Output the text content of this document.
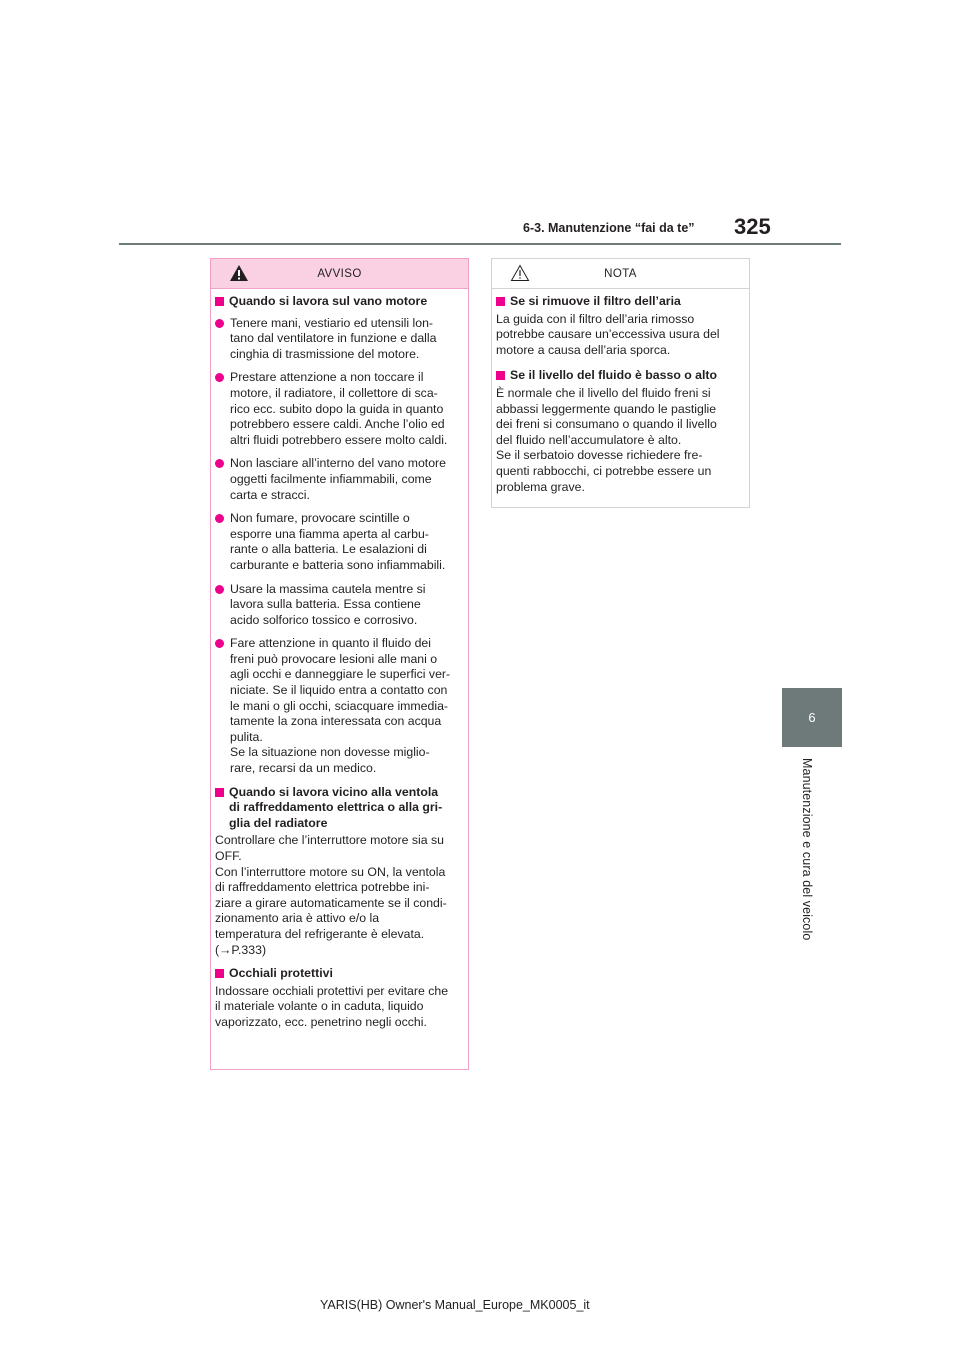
6-3. Manutenzione “fai da te” 325
6
Manutenzione e cura del veicolo
AVVISO
Quando si lavora sul vano motore
Tenere mani, vestiario ed utensili lon-
tano dal ventilatore in funzione e dalla
cinghia di trasmissione del motore.
Prestare attenzione a non toccare il
motore, il radiatore, il collettore di sca-
rico ecc. subito dopo la guida in quanto
potrebbero essere caldi. Anche l’olio ed
altri fluidi potrebbero essere molto caldi.
Non lasciare all’interno del vano motore
oggetti facilmente infiammabili, come
carta e stracci.
Non fumare, provocare scintille o
esporre una fiamma aperta al carbu-
rante o alla batteria. Le esalazioni di
carburante e batteria sono infiammabili.
Usare la massima cautela mentre si
lavora sulla batteria. Essa contiene
acido solforico tossico e corrosivo.
Fare attenzione in quanto il fluido dei
freni può provocare lesioni alle mani o
agli occhi e danneggiare le superfici ver-
niciate. Se il liquido entra a contatto con
le mani o gli occhi, sciacquare immedia-
tamente la zona interessata con acqua
pulita.
Se la situazione non dovesse miglio-
rare, recarsi da un medico.
Quando si lavora vicino alla ventola
di raffreddamento elettrica o alla gri-
glia del radiatore
Controllare che l’interruttore motore sia su
OFF.
Con l’interruttore motore su ON, la ventola
di raffreddamento elettrica potrebbe ini-
ziare a girare automaticamente se il condi-
zionamento aria è attivo e/o la
temperatura del refrigerante è elevata.
(→P.333)
Occhiali protettivi
Indossare occhiali protettivi per evitare che
il materiale volante o in caduta, liquido
vaporizzato, ecc. penetrino negli occhi.
NOTA
Se si rimuove il filtro dell’aria
La guida con il filtro dell’aria rimosso
potrebbe causare un’eccessiva usura del
motore a causa dell’aria sporca.
Se il livello del fluido è basso o alto
È normale che il livello del fluido freni si
abbassi leggermente quando le pastiglie
dei freni si consumano o quando il livello
del fluido nell’accumulatore è alto.
Se il serbatoio dovesse richiedere fre-
quenti rabbocchi, ci potrebbe essere un
problema grave.
YARIS(HB) Owner's Manual_Europe_MK0005_it
